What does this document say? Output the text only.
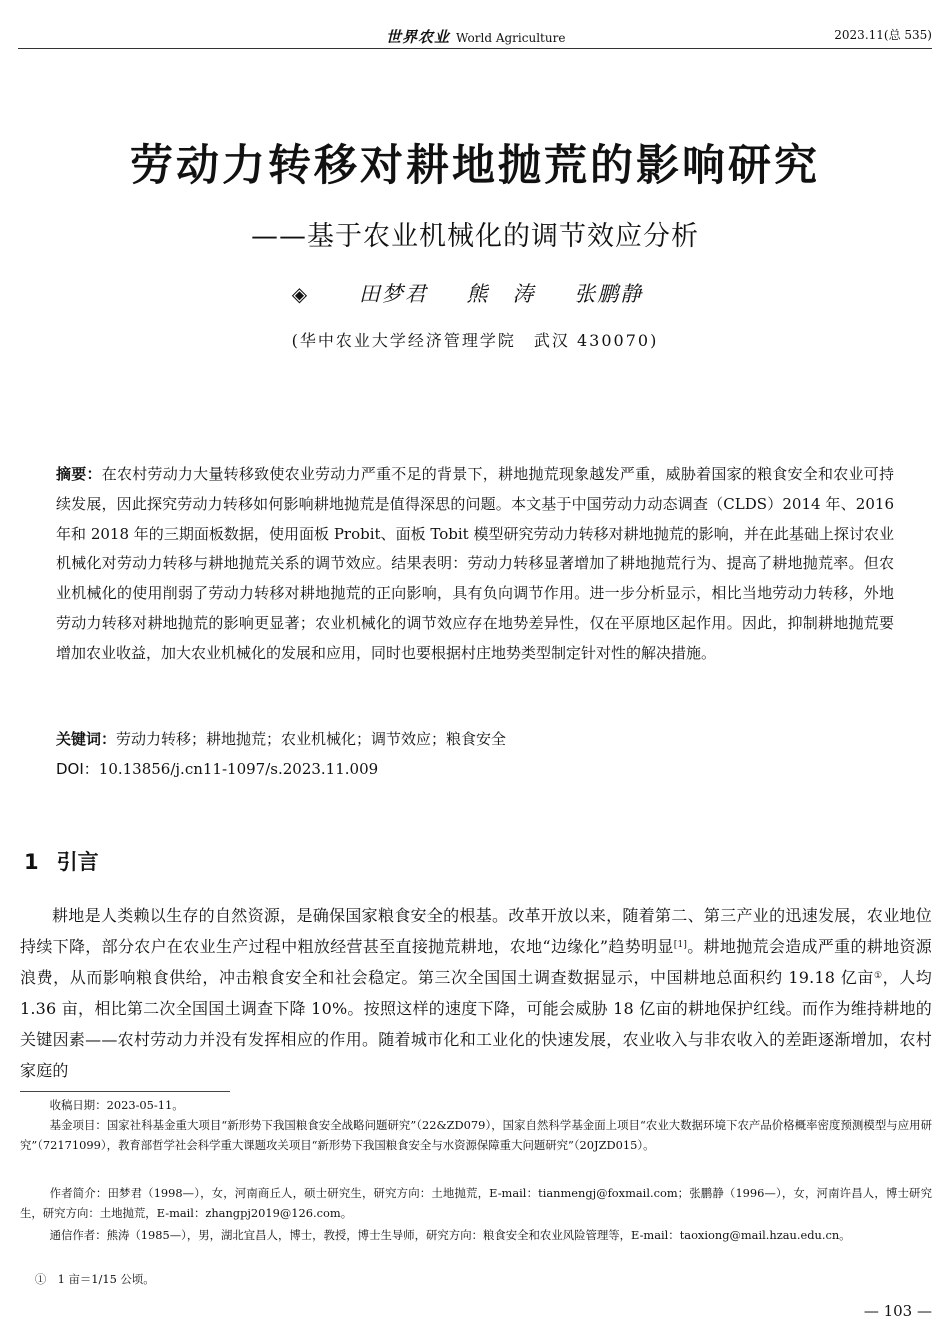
世界农业 World Agriculture	2023.11(总 535)
劳动力转移对耕地抛荒的影响研究
——基于农业机械化的调节效应分析
◈ 田梦君 熊　涛 张鹏静
(华中农业大学经济管理学院　武汉 430070)
摘要：在农村劳动力大量转移致使农业劳动力严重不足的背景下，耕地抛荒现象越发严重，威胁着国家的粮食安全和农业可持续发展，因此探究劳动力转移如何影响耕地抛荒是值得深思的问题。本文基于中国劳动力动态调查（CLDS）2014 年、2016 年和 2018 年的三期面板数据，使用面板 Probit、面板 Tobit 模型研究劳动力转移对耕地抛荒的影响，并在此基础上探讨农业机械化对劳动力转移与耕地抛荒关系的调节效应。结果表明：劳动力转移显著增加了耕地抛荒行为、提高了耕地抛荒率。但农业机械化的使用削弱了劳动力转移对耕地抛荒的正向影响，具有负向调节作用。进一步分析显示，相比当地劳动力转移，外地劳动力转移对耕地抛荒的影响更显著；农业机械化的调节效应存在地势差异性，仅在平原地区起作用。因此，抑制耕地抛荒要增加农业收益，加大农业机械化的发展和应用，同时也要根据村庄地势类型制定针对性的解决措施。
关键词：劳动力转移；耕地抛荒；农业机械化；调节效应；粮食安全
DOI：10.13856/j.cn11-1097/s.2023.11.009
1 引言
耕地是人类赖以生存的自然资源，是确保国家粮食安全的根基。改革开放以来，随着第二、第三产业的迅速发展，农业地位持续下降，部分农户在农业生产过程中粗放经营甚至直接抛荒耕地，农地“边缘化”趋势明显[1]。耕地抛荒会造成严重的耕地资源浪费，从而影响粮食供给，冲击粮食安全和社会稳定。第三次全国国土调查数据显示，中国耕地总面积约 19.18 亿亩①，人均 1.36 亩，相比第二次全国国土调查下降 10%。按照这样的速度下降，可能会威胁 18 亿亩的耕地保护红线。而作为维持耕地的关键因素——农村劳动力并没有发挥相应的作用。随着城市化和工业化的快速发展，农业收入与非农收入的差距逐渐增加，农村家庭的
收稿日期：2023-05-11。
基金项目：国家社科基金重大项目“新形势下我国粮食安全战略问题研究”（22&ZD079），国家自然科学基金面上项目“农业大数据环境下农产品价格概率密度预测模型与应用研究”（72171099），教育部哲学社会科学重大课题攻关项目“新形势下我国粮食安全与水资源保障重大问题研究”（20JZD015）。
作者简介：田梦君（1998—），女，河南商丘人，硕士研究生，研究方向：土地抛荒，E-mail：tianmengj@foxmail.com；张鹏静（1996—），女，河南许昌人，博士研究生，研究方向：土地抛荒，E-mail：zhangpj2019@126.com。
通信作者：熊涛（1985—），男，湖北宜昌人，博士，教授，博士生导师，研究方向：粮食安全和农业风险管理等，E-mail：taoxiong@mail.hzau.edu.cn。
①　1 亩＝1/15 公顷。
— 103 —
